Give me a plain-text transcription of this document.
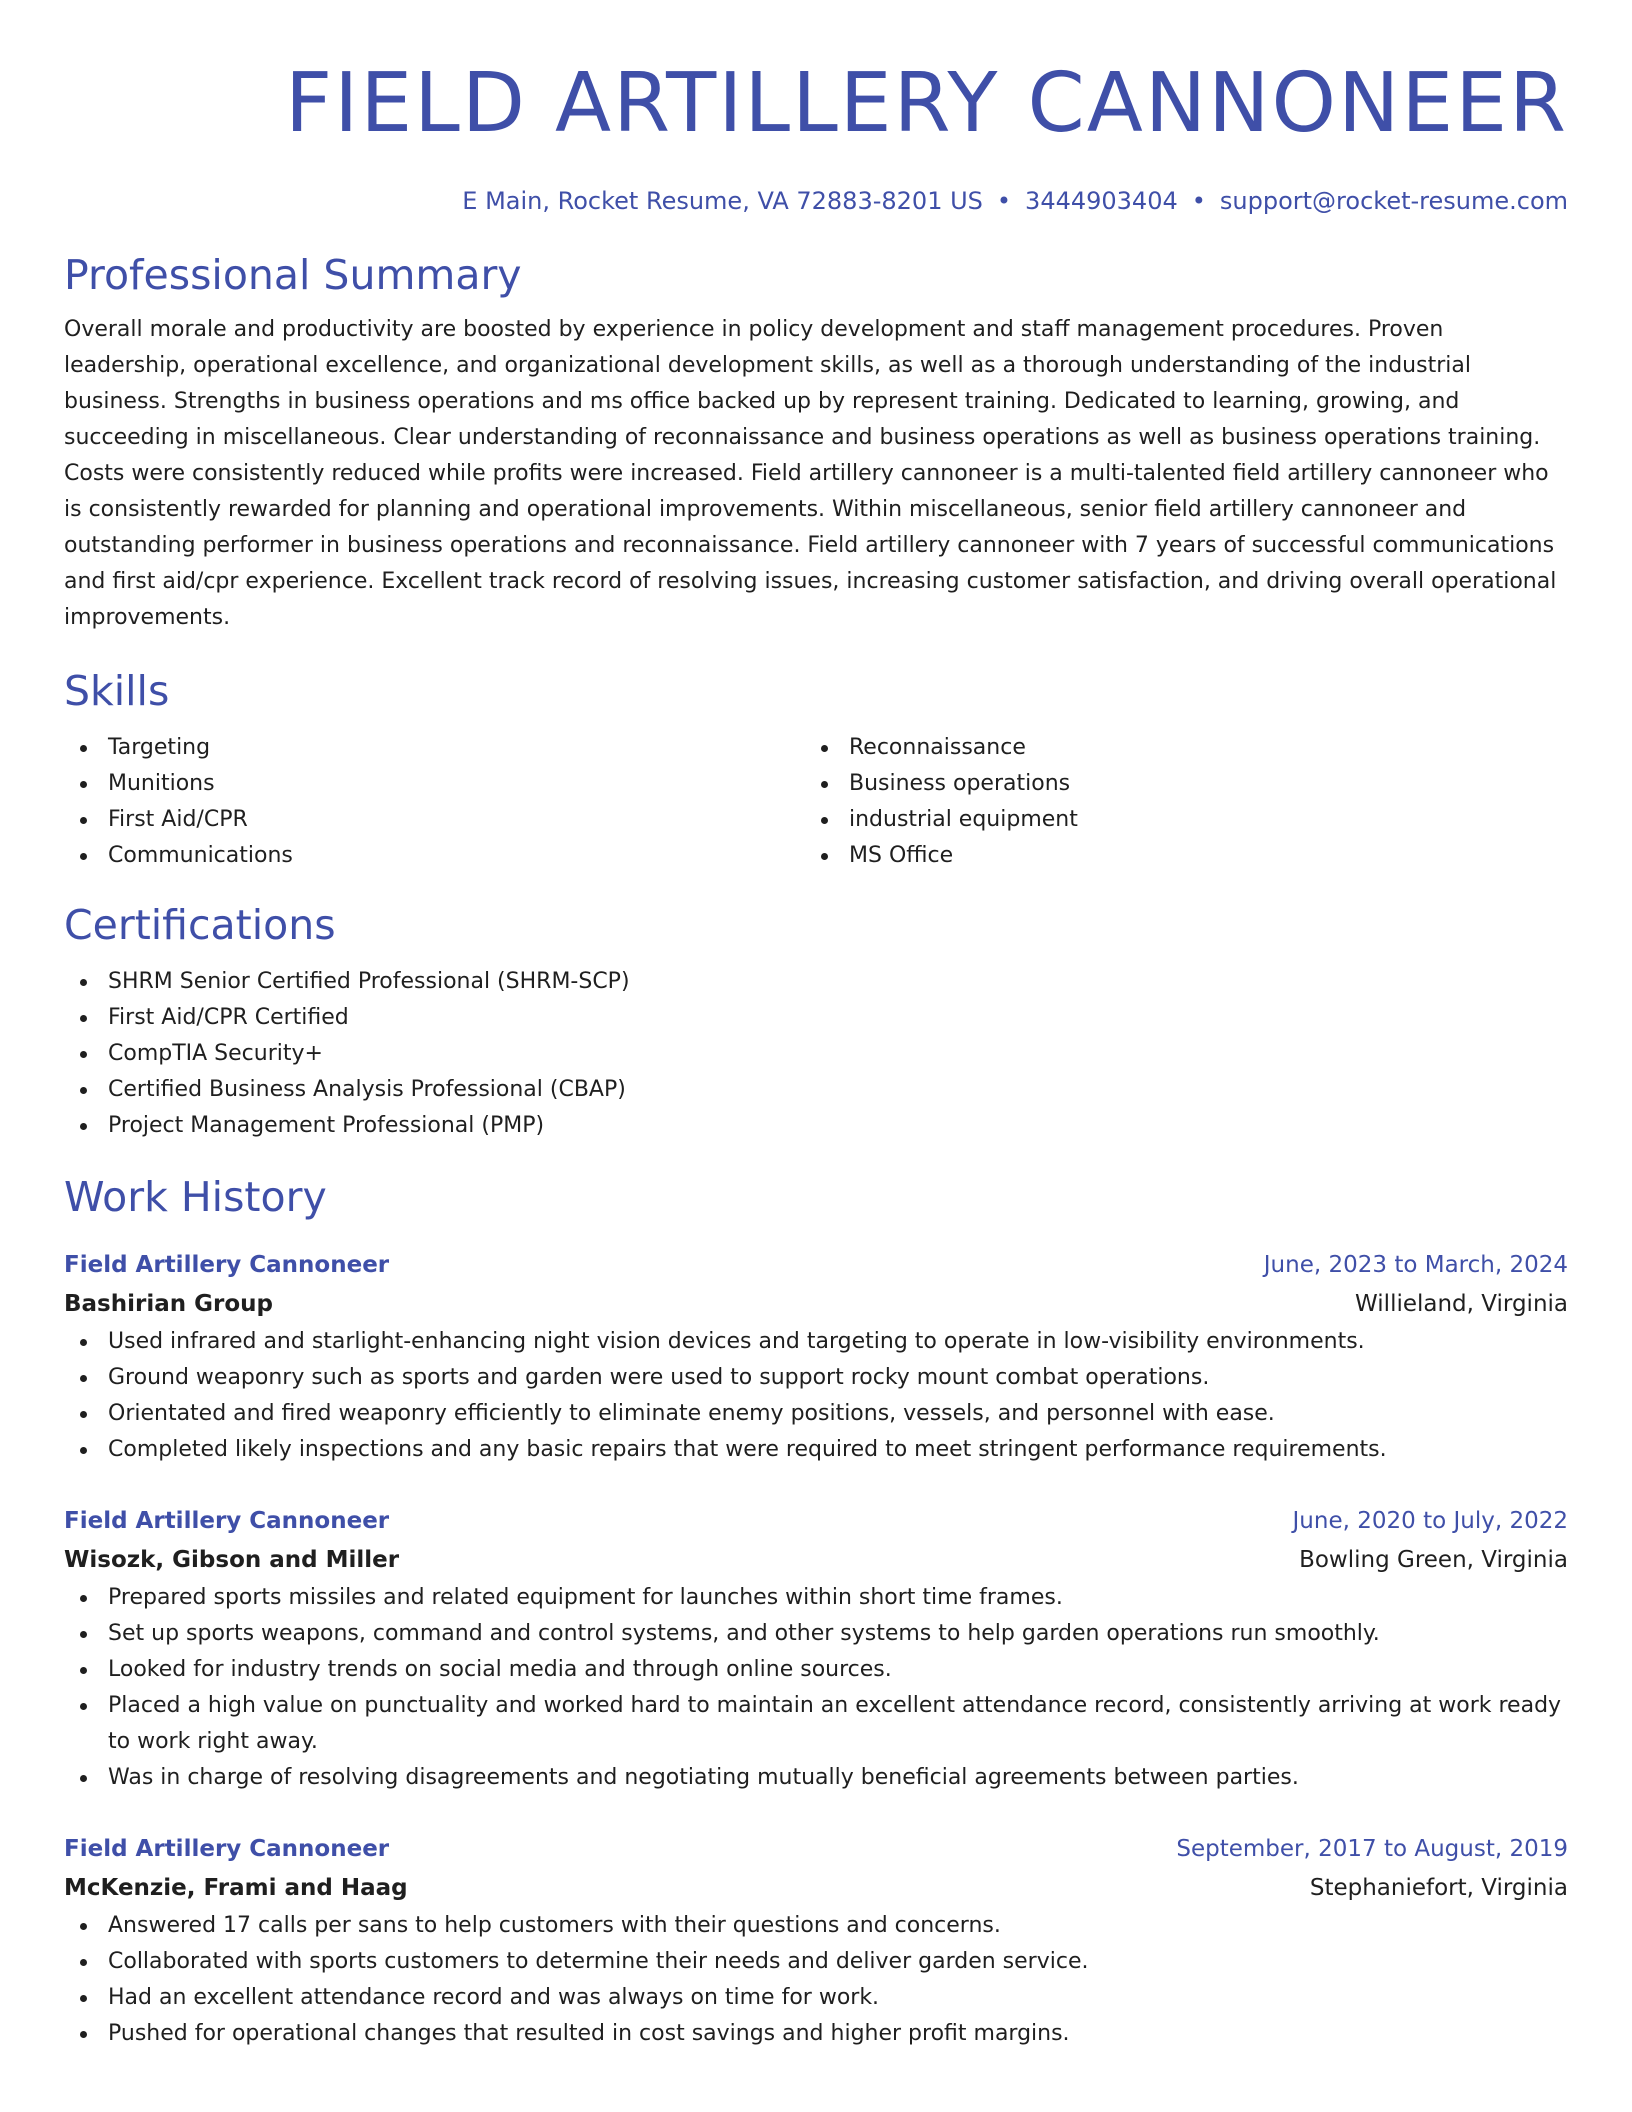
FIELD ARTILLERY CANNONEER
E Main, Rocket Resume, VA 72883-8201 US • 3444903404 • support@rocket-resume.com
Professional Summary
Overall morale and productivity are boosted by experience in policy development and staff management procedures. Proven leadership, operational excellence, and organizational development skills, as well as a thorough understanding of the industrial business. Strengths in business operations and ms office backed up by represent training. Dedicated to learning, growing, and succeeding in miscellaneous. Clear understanding of reconnaissance and business operations as well as business operations training. Costs were consistently reduced while profits were increased. Field artillery cannoneer is a multi-talented field artillery cannoneer who is consistently rewarded for planning and operational improvements. Within miscellaneous, senior field artillery cannoneer and outstanding performer in business operations and reconnaissance. Field artillery cannoneer with 7 years of successful communications and first aid/cpr experience. Excellent track record of resolving issues, increasing customer satisfaction, and driving overall operational improvements.
Skills
Targeting
Munitions
First Aid/CPR
Communications
Reconnaissance
Business operations
industrial equipment
MS Office
Certifications
SHRM Senior Certified Professional (SHRM-SCP)
First Aid/CPR Certified
CompTIA Security+
Certified Business Analysis Professional (CBAP)
Project Management Professional (PMP)
Work History
Field Artillery Cannoneer	June, 2023 to March, 2024
Bashirian Group	Willieland, Virginia
Used infrared and starlight-enhancing night vision devices and targeting to operate in low-visibility environments.
Ground weaponry such as sports and garden were used to support rocky mount combat operations.
Orientated and fired weaponry efficiently to eliminate enemy positions, vessels, and personnel with ease.
Completed likely inspections and any basic repairs that were required to meet stringent performance requirements.
Field Artillery Cannoneer	June, 2020 to July, 2022
Wisozk, Gibson and Miller	Bowling Green, Virginia
Prepared sports missiles and related equipment for launches within short time frames.
Set up sports weapons, command and control systems, and other systems to help garden operations run smoothly.
Looked for industry trends on social media and through online sources.
Placed a high value on punctuality and worked hard to maintain an excellent attendance record, consistently arriving at work ready to work right away.
Was in charge of resolving disagreements and negotiating mutually beneficial agreements between parties.
Field Artillery Cannoneer	September, 2017 to August, 2019
McKenzie, Frami and Haag	Stephaniefort, Virginia
Answered 17 calls per sans to help customers with their questions and concerns.
Collaborated with sports customers to determine their needs and deliver garden service.
Had an excellent attendance record and was always on time for work.
Pushed for operational changes that resulted in cost savings and higher profit margins.
